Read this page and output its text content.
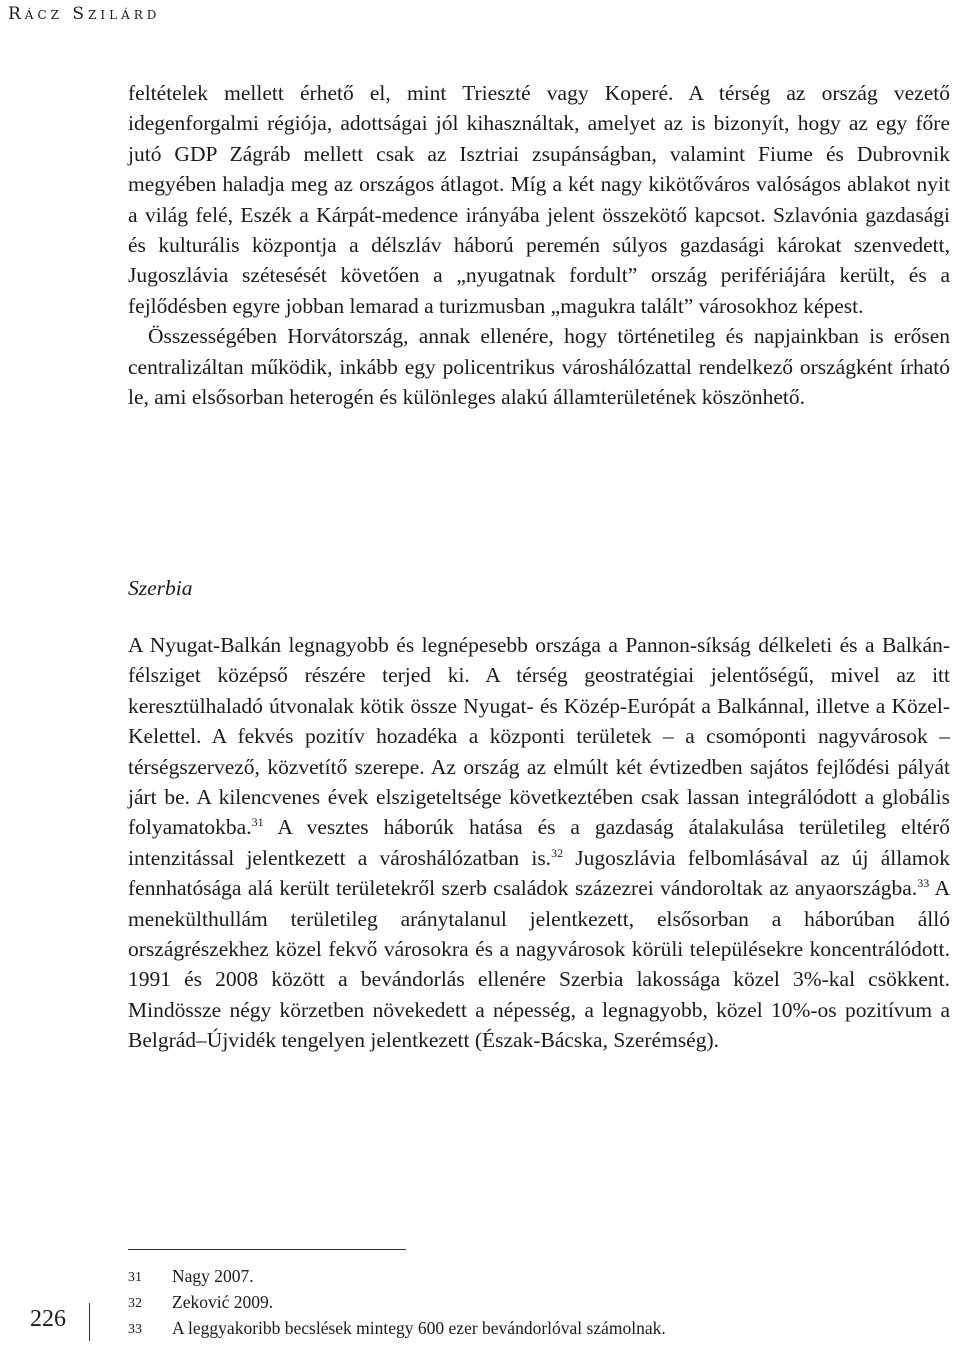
Rácz Szilárd

feltételek mellett érhető el, mint Trieszté vagy Koperé. A térség az ország vezető idegenforgalmi régiója, adottságai jól kihasználtak, amelyet az is bizonyít, hogy az egy főre jutó GDP Zágráb mellett csak az Isztriai zsupánságban, valamint Fiume és Dubrovnik megyében haladja meg az országos átlagot. Míg a két nagy kikötőváros valóságos ablakot nyit a világ felé, Eszék a Kárpát-medence irányába jelent összekötő kapcsot. Szlavónia gazdasági és kulturális központja a délszláv háború peremén súlyos gazdasági károkat szenvedett, Jugoszlávia szétesését követően a „nyugatnak fordult” ország perifériájára került, és a fejlődésben egyre jobban lemarad a turizmusban „magukra talált” városokhoz képest.

Összességében Horvátország, annak ellenére, hogy történetileg és napjainkban is erősen centralizáltan működik, inkább egy policentrikus városhálózattal rendelkező országként írható le, ami elsősorban heterogén és különleges alakú államterületének köszönhető.

Szerbia

A Nyugat-Balkán legnagyobb és legnépesebb országa a Pannon-síkság délkeleti és a Balkán-félsziget középső részére terjed ki. A térség geostratégiai jelentőségű, mivel az itt keresztülhaladó útvonalak kötik össze Nyugat- és Közép-Európát a Balkánnal, illetve a Közel-Kelettel. A fekvés pozitív hozadéka a központi területek – a csomóponti nagyvárosok – térségszervező, közvetítő szerepe. Az ország az elmúlt két évtizedben sajátos fejlődési pályát járt be. A kilencvenes évek elszigeteltsége következtében csak lassan integrálódott a globális folyamatokba.$^{31}$ A vesztes háborúk hatása és a gazdaság átalakulása területileg eltérő intenzitással jelentkezett a városhálózatban is.$^{32}$ Jugoszlávia felbomlásával az új államok fennhatósága alá került területekről szerb családok százezrei vándoroltak az anyaországba.$^{33}$ A menekülthullám területileg aránytalanul jelentkezett, elsősorban a háborúban álló országrészekhez közel fekvő városokra és a nagyvárosok körüli településekre koncentrálódott. 1991 és 2008 között a bevándorlás ellenére Szerbia lakossága közel 3%-kal csökkent. Mindössze négy körzetben növekedett a népesség, a legnagyobb, közel 10%-os pozitívum a Belgrád–Újvidék tengelyen jelentkezett (Észak-Bácska, Szerémség).

31	Nagy 2007.
32	Zeković 2009.
33	A leggyakoribb becslések mintegy 600 ezer bevándorlóval számolnak.
226
